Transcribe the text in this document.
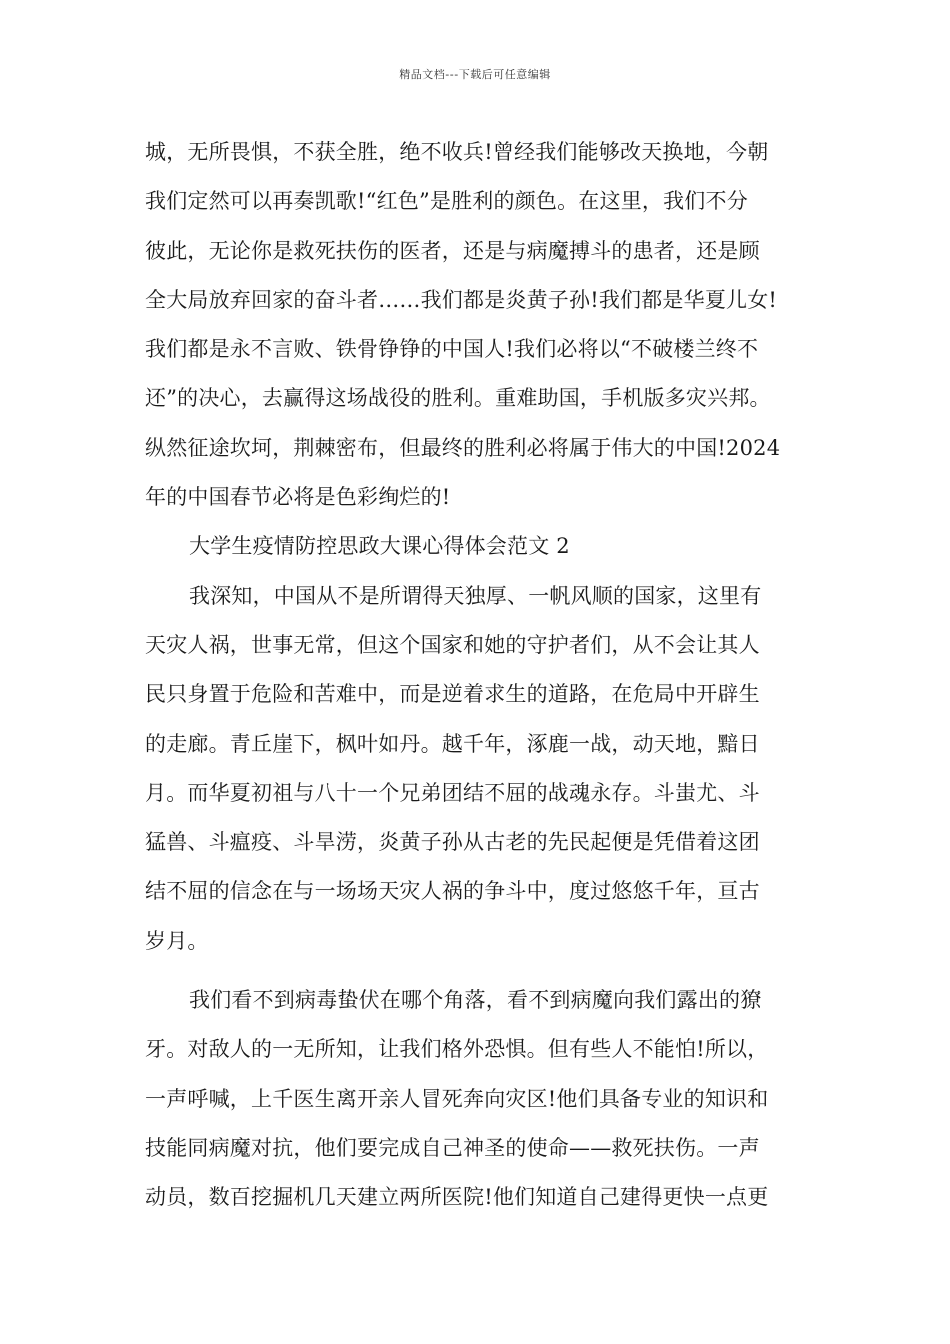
精品文档---下载后可任意编辑
城，无所畏惧，不获全胜，绝不收兵!曾经我们能够改天换地，今朝
我们定然可以再奏凯歌!“红色”是胜利的颜色。在这里，我们不分
彼此，无论你是救死扶伤的医者，还是与病魔搏斗的患者，还是顾
全大局放弃回家的奋斗者……我们都是炎黄子孙!我们都是华夏儿女!
我们都是永不言败、铁骨铮铮的中国人!我们必将以“不破楼兰终不
还”的决心，去赢得这场战役的胜利。重难助国，手机版多灾兴邦。
纵然征途坎坷，荆棘密布，但最终的胜利必将属于伟大的中国!2024
年的中国春节必将是色彩绚烂的!
大学生疫情防控思政大课心得体会范文 2
我深知，中国从不是所谓得天独厚、一帆风顺的国家，这里有
天灾人祸，世事无常，但这个国家和她的守护者们，从不会让其人
民只身置于危险和苦难中，而是逆着求生的道路，在危局中开辟生
的走廊。青丘崖下，枫叶如丹。越千年，涿鹿一战，动天地，黯日
月。而华夏初祖与八十一个兄弟团结不屈的战魂永存。斗蚩尤、斗
猛兽、斗瘟疫、斗旱涝，炎黄子孙从古老的先民起便是凭借着这团
结不屈的信念在与一场场天灾人祸的争斗中，度过悠悠千年，亘古
岁月。
我们看不到病毒蛰伏在哪个角落，看不到病魔向我们露出的獠
牙。对敌人的一无所知，让我们格外恐惧。但有些人不能怕!所以，
一声呼喊，上千医生离开亲人冒死奔向灾区!他们具备专业的知识和
技能同病魔对抗，他们要完成自己神圣的使命——救死扶伤。一声
动员，数百挖掘机几天建立两所医院!他们知道自己建得更快一点更
